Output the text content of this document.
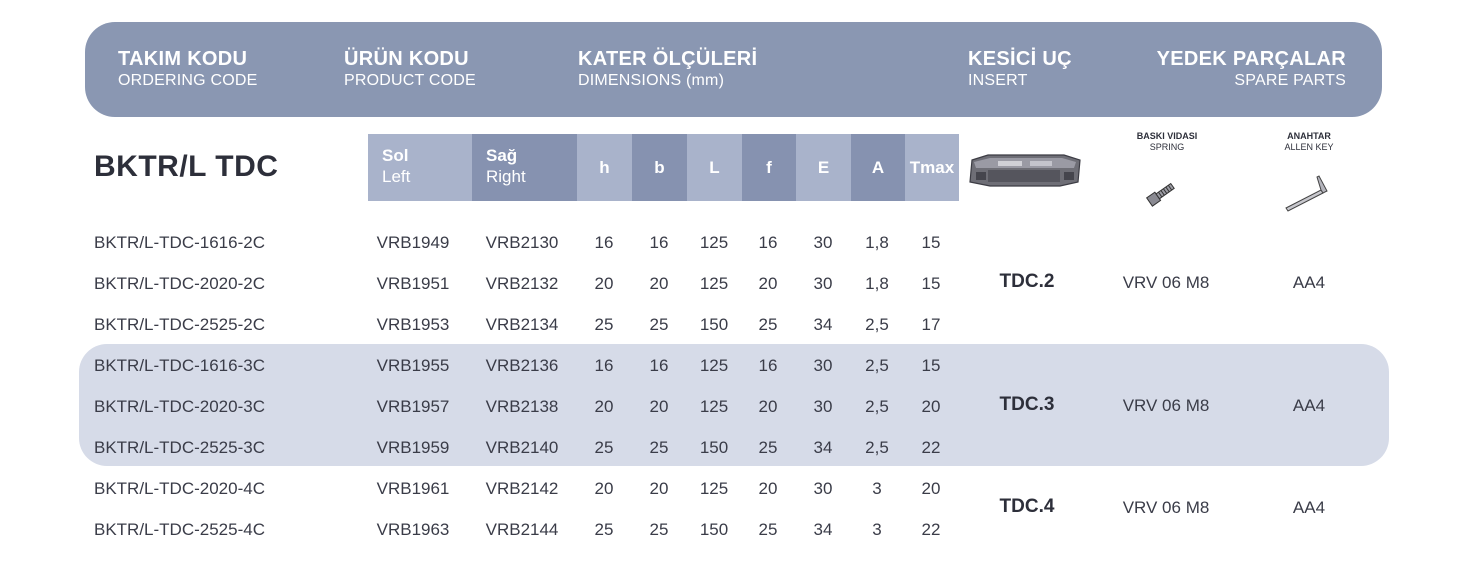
TAKIM KODU
ORDERING CODE
ÜRÜN KODU
PRODUCT CODE
KATER ÖLÇÜLERİ
DIMENSIONS (mm)
KESİCİ UÇ
INSERT
YEDEK PARÇALAR
SPARE PARTS
BKTR/L TDC	Sol
Left
Sağ
Right	h	b	L	f	E	A	Tmax
BASKI VIDASI
SPRING
ANAHTAR
ALLEN KEY
BKTR/L-TDC-1616-2C	VRB1949 VRB2130 16 16 125 16 30 1,8 15
BKTR/L-TDC-2020-2C	VRB1951 VRB2132 20 20 125 20 30 1,8 15
BKTR/L-TDC-2525-2C	VRB1953 VRB2134 25 25 150 25 34 2,5 17
BKTR/L-TDC-1616-3C	VRB1955 VRB2136 16 16 125 16 30 2,5 15
BKTR/L-TDC-2020-3C	VRB1957 VRB2138 20 20 125 20 30 2,5 20
BKTR/L-TDC-2525-3C	VRB1959 VRB2140 25 25 150 25 34 2,5 22
BKTR/L-TDC-2020-4C	VRB1961 VRB2142 20 20 125 20 30 3 20
BKTR/L-TDC-2525-4C	VRB1963 VRB2144 25 25 150 25 34 3 22
TDC.2	VRV 06 M8	AA4
TDC.3	VRV 06 M8	AA4
TDC.4	VRV 06 M8	AA4
